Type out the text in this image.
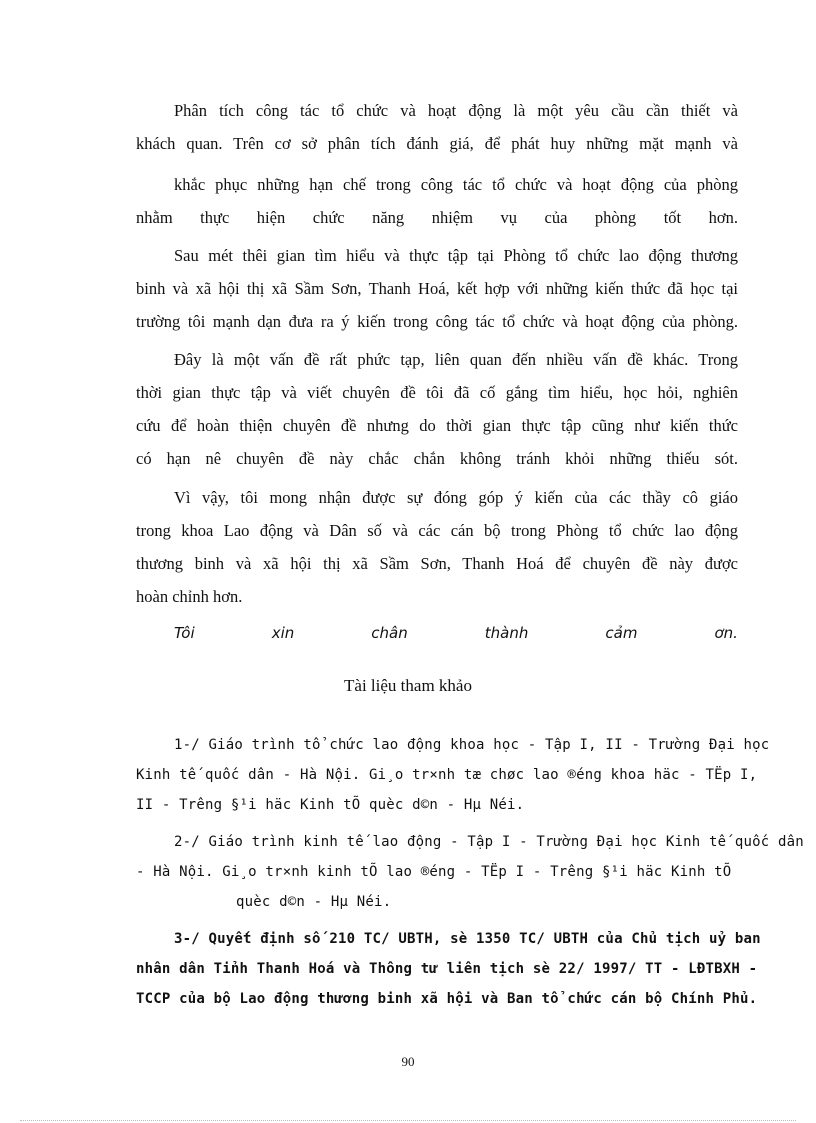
Phân tích công tác tổ chức và hoạt động là một yêu cầu cần thiết và
khách quan. Trên cơ sở phân tích đánh giá, để phát huy những mặt mạnh và
khắc phục những hạn chế trong công tác tổ chức và hoạt động của phòng
nhằm thực hiện chức năng nhiệm vụ của phòng tốt hơn.
Sau mét thêi gian tìm hiểu và thực tập tại Phòng tổ chức lao động thương
binh và xã hội thị xã Sầm Sơn, Thanh Hoá, kết hợp với những kiến thức đã học tại
trường tôi mạnh dạn đưa ra ý kiến trong công tác tổ chức và hoạt động của phòng.
Đây là một vấn đề rất phức tạp, liên quan đến nhiều vấn đề khác. Trong
thời gian thực tập và viết chuyên đề tôi đã cố gắng tìm hiểu, học hỏi, nghiên
cứu để hoàn thiện chuyên đề nhưng do thời gian thực tập cũng như kiến thức
có hạn nê chuyên đề này chắc chắn không tránh khỏi những thiếu sót.
Vì vậy, tôi mong nhận được sự đóng góp ý kiến của các thầy cô giáo
trong khoa Lao động và Dân số và các cán bộ trong Phòng tổ chức lao động
thương binh và xã hội thị xã Sầm Sơn, Thanh Hoá để chuyên đề này được
hoàn chỉnh hơn.
Tôi	xin	chân	thành	cảm	ơn.
Tài liệu tham khảo
1-/ Giáo trình tổ chức lao động khoa học - Tập I, II - Trường Đại học
Kinh tế quốc dân - Hà Nội. Gi¸o tr×nh tæ chøc lao ®éng khoa häc - TËp I,
II - Trêng §¹i häc Kinh tÕ quèc d©n - Hµ Néi.
2-/ Giáo trình kinh tế lao động - Tập I - Trường Đại học Kinh tế quốc dân
- Hà Nội. Gi¸o tr×nh kinh tÕ lao ®éng - TËp I - Trêng §¹i häc Kinh tÕ
quèc d©n - Hµ Néi.
3-/ Quyết định số 210 TC/ UBTH, sè 1350 TC/ UBTH của Chủ tịch uỷ ban
nhân dân Tỉnh Thanh Hoá và Thông tư liên tịch sè 22/ 1997/ TT - LĐTBXH -
TCCP của bộ Lao động thương binh xã hội và Ban tổ chức cán bộ Chính Phủ.
90
